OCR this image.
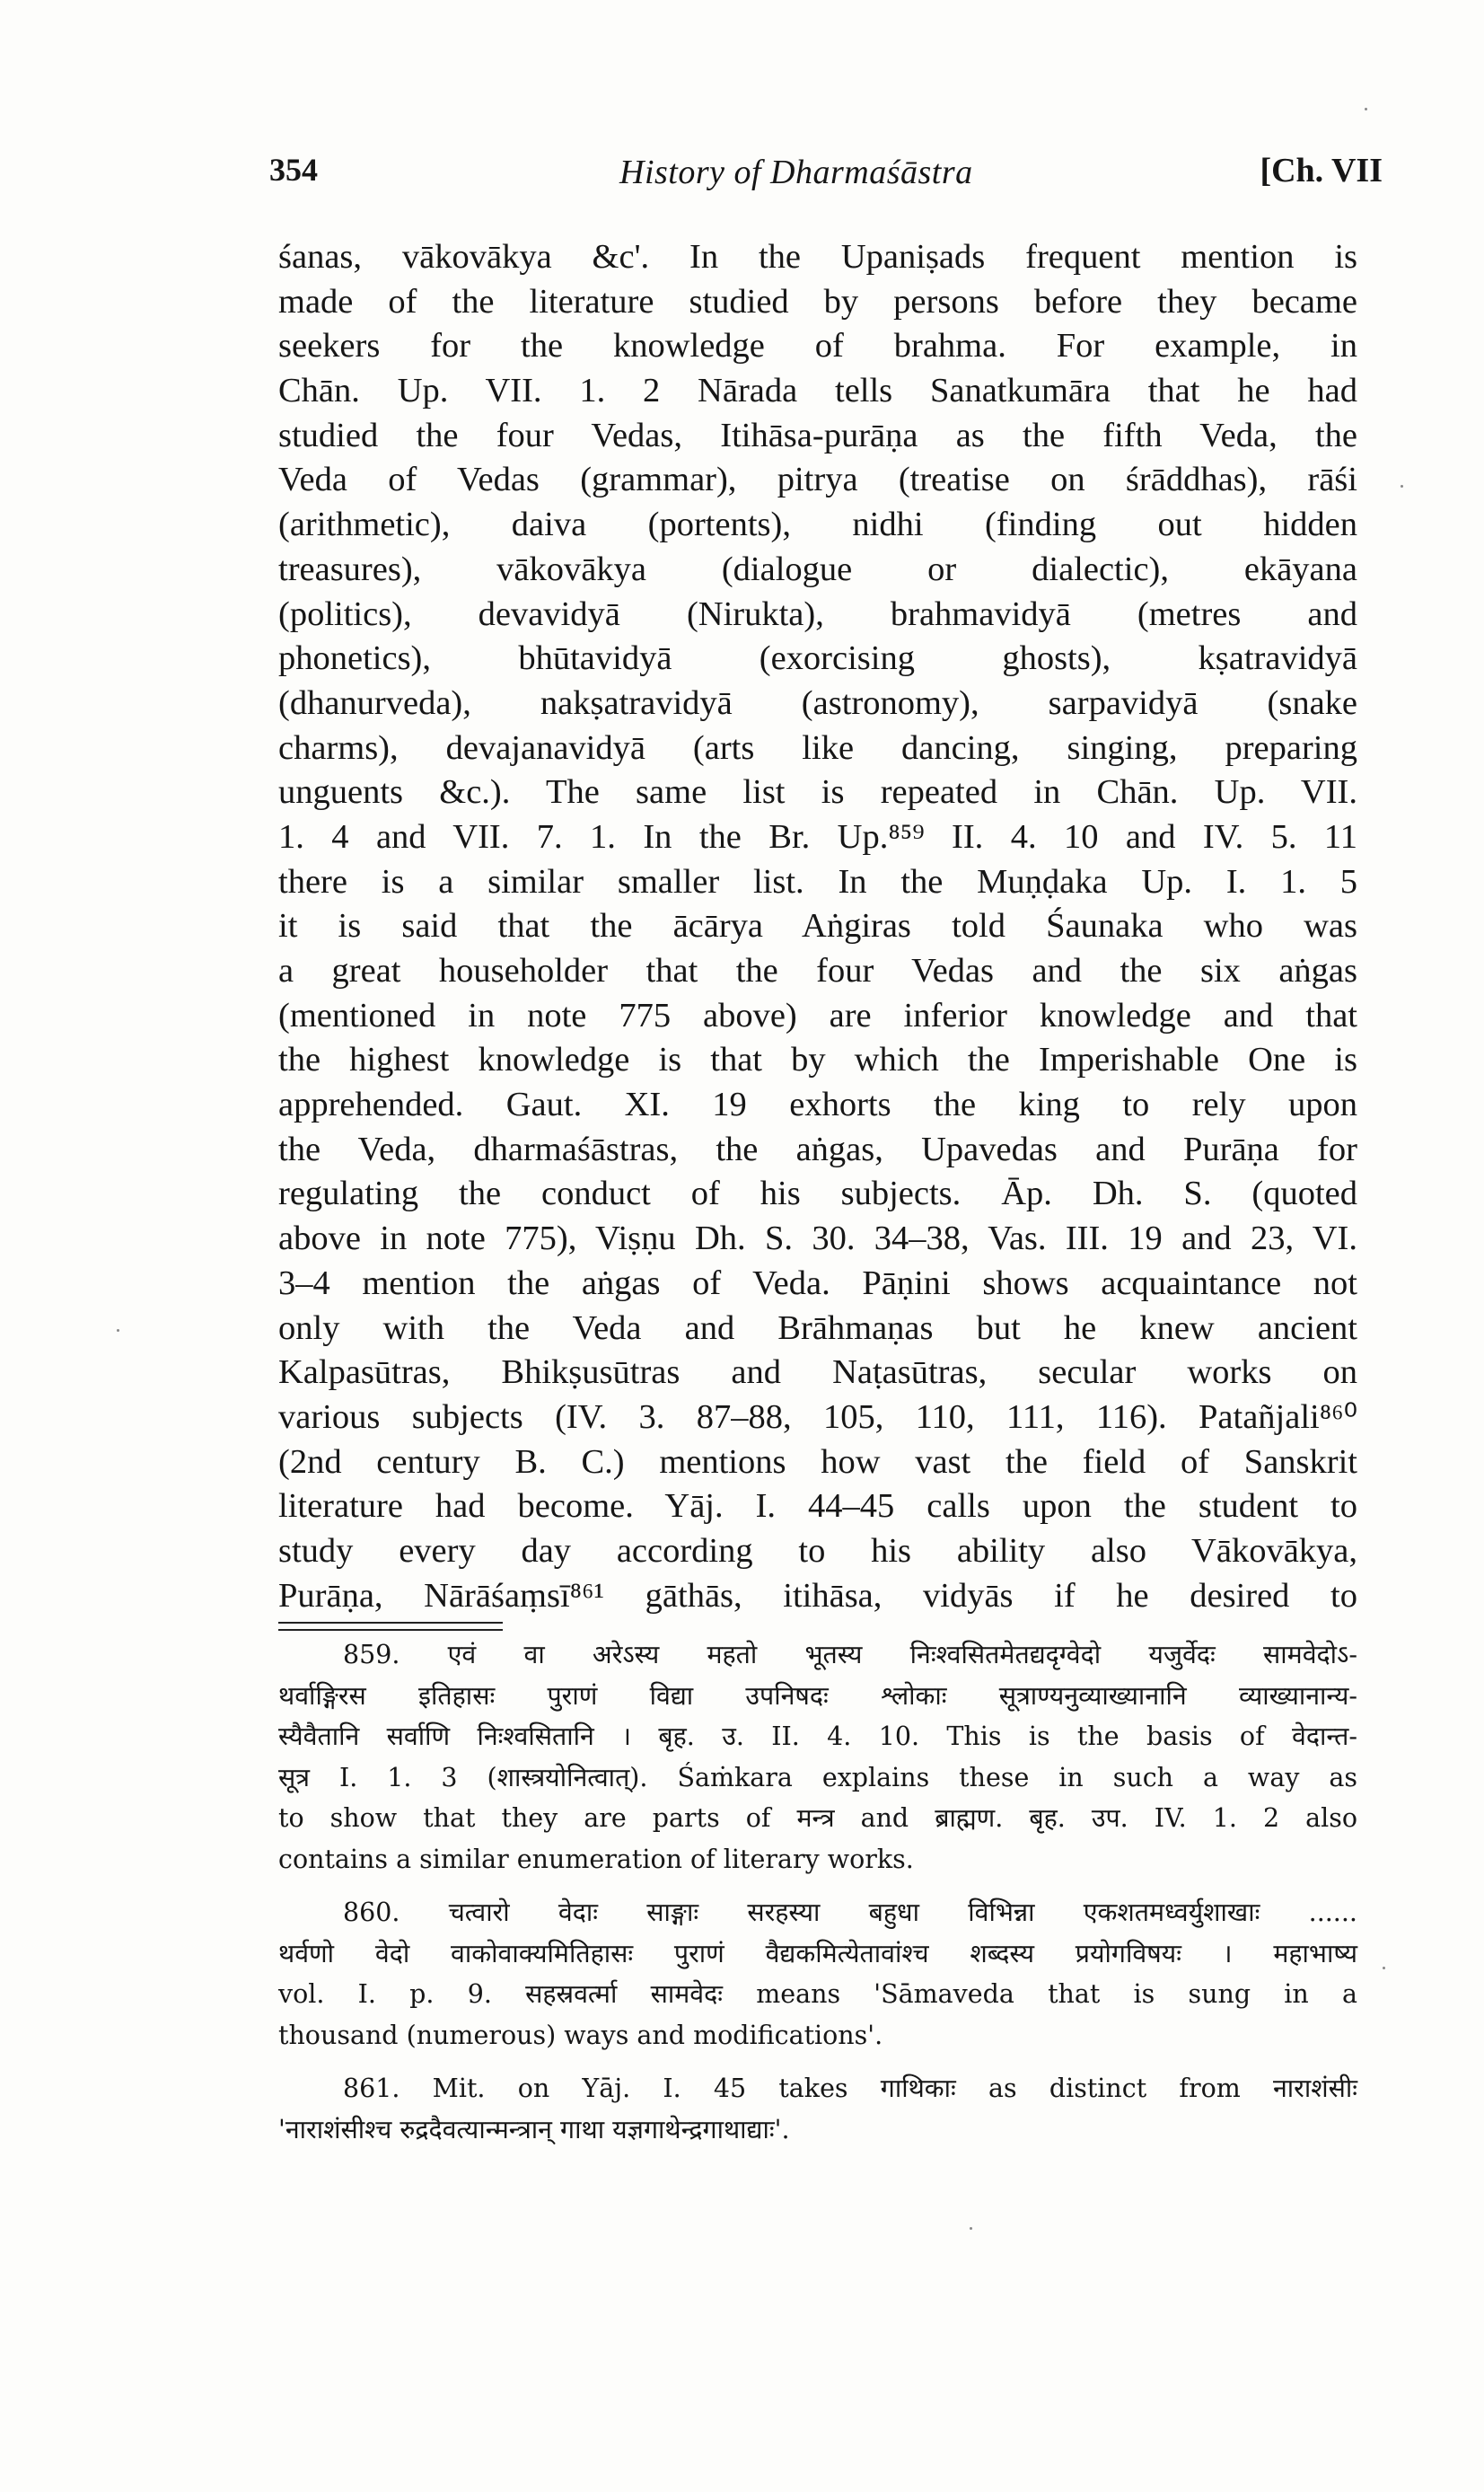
354	History of Dharmaśāstra	[Ch. VII
śanas, vākovākya &c'. In the Upaniṣads frequent mention is
made of the literature studied by persons before they became
seekers for the knowledge of brahma. For example, in
Chān. Up. VII. 1. 2 Nārada tells Sanatkumāra that he had
studied the four Vedas, Itihāsa-purāṇa as the fifth Veda, the
Veda of Vedas (grammar), pitrya (treatise on śrāddhas), rāśi
(arithmetic), daiva (portents), nidhi (finding out hidden
treasures), vākovākya (dialogue or dialectic), ekāyana
(politics), devavidyā (Nirukta), brahmavidyā (metres and
phonetics), bhūtavidyā (exorcising ghosts), kṣatravidyā
(dhanurveda), nakṣatravidyā (astronomy), sarpavidyā (snake
charms), devajanavidyā (arts like dancing, singing, preparing
unguents &c.). The same list is repeated in Chān. Up. VII.
1. 4 and VII. 7. 1. In the Br. Up.⁸⁵⁹ II. 4. 10 and IV. 5. 11
there is a similar smaller list. In the Muṇḍaka Up. I. 1. 5
it is said that the ācārya Aṅgiras told Śaunaka who was
a great householder that the four Vedas and the six aṅgas
(mentioned in note 775 above) are inferior knowledge and that
the highest knowledge is that by which the Imperishable One is
apprehended. Gaut. XI. 19 exhorts the king to rely upon
the Veda, dharmaśāstras, the aṅgas, Upavedas and Purāṇa for
regulating the conduct of his subjects. Āp. Dh. S. (quoted
above in note 775), Viṣṇu Dh. S. 30. 34–38, Vas. III. 19 and 23, VI.
3–4 mention the aṅgas of Veda. Pāṇini shows acquaintance not
only with the Veda and Brāhmaṇas but he knew ancient
Kalpasūtras, Bhikṣusūtras and Naṭasūtras, secular works on
various subjects (IV. 3. 87–88, 105, 110, 111, 116). Patañjali⁸⁶⁰
(2nd century B. C.) mentions how vast the field of Sanskrit
literature had become. Yāj. I. 44–45 calls upon the student to
study every day according to his ability also Vākovākya,
Purāṇa, Nārāśaṃsī⁸⁶¹ gāthās, itihāsa, vidyās if he desired to
859. एवं वा अरेऽस्य महतो भूतस्य निःश्वसितमेतद्यदृग्वेदो यजुर्वेदः सामवेदोऽ-
थर्वाङ्गिरस इतिहासः पुराणं विद्या उपनिषदः श्लोकाः सूत्राण्यनुव्याख्यानानि व्याख्यानान्य-
स्यैवैतानि सर्वाणि निःश्वसितानि । बृह. उ. II. 4. 10. This is the basis of वेदान्त-
सूत्र I. 1. 3 (शास्त्रयोनित्वात्). Śaṁkara explains these in such a way as
to show that they are parts of मन्त्र and ब्राह्मण. बृह. उप. IV. 1. 2 also
contains a similar enumeration of literary works.
860. चत्वारो वेदाः साङ्गाः सरहस्या बहुधा विभिन्ना एकशतमध्वर्युशाखाः ......
थर्वणो वेदो वाकोवाक्यमितिहासः पुराणं वैद्यकमित्येतावांश्च शब्दस्य प्रयोगविषयः । महाभाष्य
vol. I. p. 9. सहस्रवर्त्मा सामवेदः means 'Sāmaveda that is sung in a
thousand (numerous) ways and modifications'.
861. Mit. on Yāj. I. 45 takes गाथिकाः as distinct from नाराशंसीः
'नाराशंसीश्च रुद्रदैवत्यान्मन्त्रान् गाथा यज्ञगाथेन्द्रगाथाद्याः'.
